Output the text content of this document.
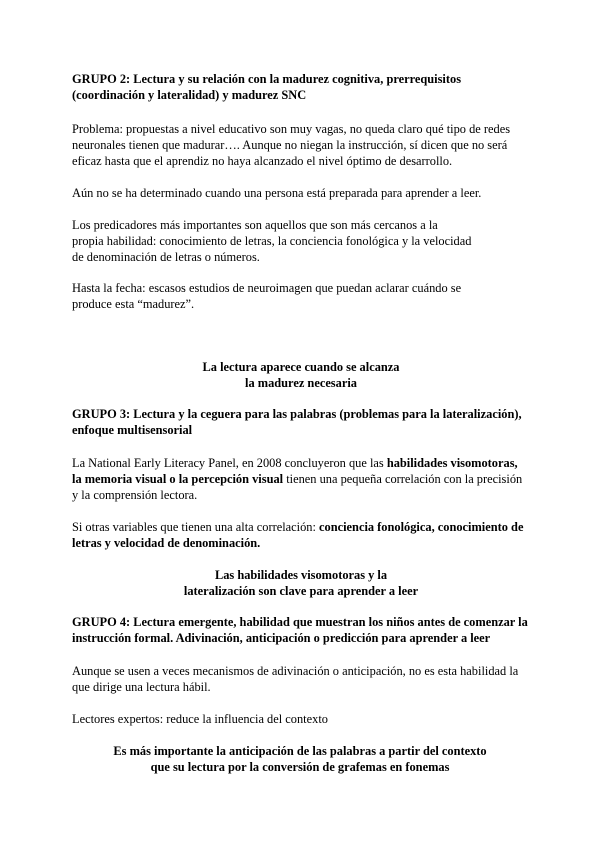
GRUPO 2: Lectura y su relación con la madurez cognitiva, prerrequisitos (coordinación y lateralidad) y madurez SNC

Problema: propuestas a nivel educativo son muy vagas, no queda claro qué tipo de redes
neuronales tienen que madurar…. Aunque no niegan la instrucción, sí dicen que no será
eficaz hasta que el aprendiz no haya alcanzado el nivel óptimo de desarrollo.

Aún no se ha determinado cuando una persona está preparada para aprender a leer.

Los predicadores más importantes son aquellos que son más cercanos a la
propia habilidad: conocimiento de letras, la conciencia fonológica y la velocidad
de denominación de letras o números.
Hasta la fecha: escasos estudios de neuroimagen que puedan aclarar cuándo se
produce esta “madurez”.
La lectura aparece cuando se alcanza
la madurez necesaria

GRUPO 3: Lectura y la ceguera para las palabras (problemas para la lateralización), enfoque multisensorial

La National Early Literacy Panel, en 2008 concluyeron que las habilidades visomotoras, la memoria visual o la percepción visual tienen una pequeña correlación con la precisión y la comprensión lectora.

Si otras variables que tienen una alta correlación: conciencia fonológica, conocimiento de letras y velocidad de denominación.

Las habilidades visomotoras y la
lateralización son clave para aprender a leer

GRUPO 4: Lectura emergente, habilidad que muestran los niños antes de comenzar la instrucción formal. Adivinación, anticipación o predicción para aprender a leer

Aunque se usen a veces mecanismos de adivinación o anticipación, no es esta habilidad la que dirige una lectura hábil.

Lectores expertos: reduce la influencia del contexto

Es más importante la anticipación de las palabras a partir del contexto
que su lectura por la conversión de grafemas en fonemas
